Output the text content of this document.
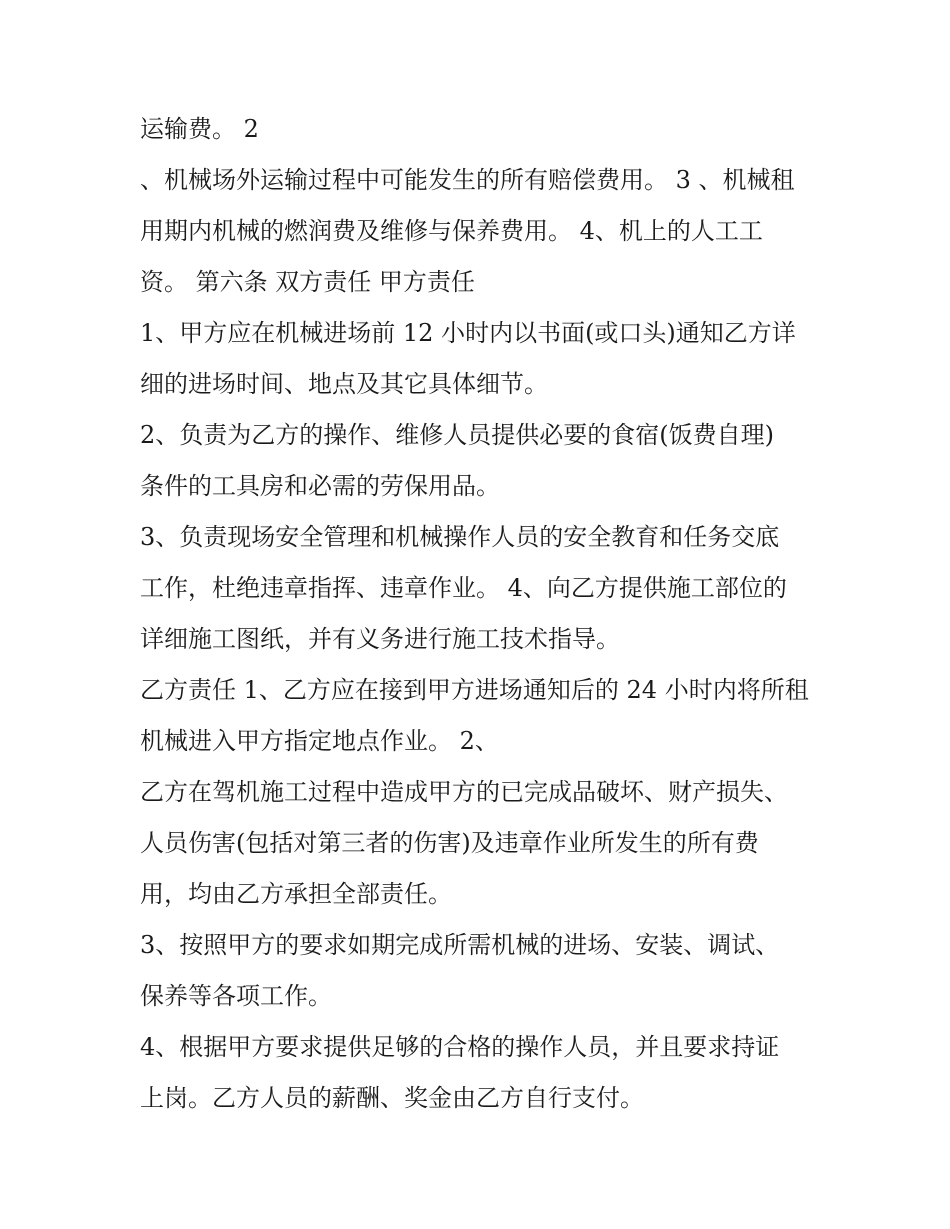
运输费。 2
、机械场外运输过程中可能发生的所有赔偿费用。 3 、机械租
用期内机械的燃润费及维修与保养费用。 4、机上的人工工
资。 第六条 双方责任 甲方责任
1、甲方应在机械进场前 12 小时内以书面(或口头)通知乙方详
细的进场时间、地点及其它具体细节。
2、负责为乙方的操作、维修人员提供必要的食宿(饭费自理)
条件的工具房和必需的劳保用品。
3、负责现场安全管理和机械操作人员的安全教育和任务交底
工作，杜绝违章指挥、违章作业。 4、向乙方提供施工部位的
详细施工图纸，并有义务进行施工技术指导。
乙方责任 1、乙方应在接到甲方进场通知后的 24 小时内将所租
机械进入甲方指定地点作业。 2、
乙方在驾机施工过程中造成甲方的已完成品破坏、财产损失、
人员伤害(包括对第三者的伤害)及违章作业所发生的所有费
用，均由乙方承担全部责任。
3、按照甲方的要求如期完成所需机械的进场、安装、调试、
保养等各项工作。
4、根据甲方要求提供足够的合格的操作人员，并且要求持证
上岗。乙方人员的薪酬、奖金由乙方自行支付。
